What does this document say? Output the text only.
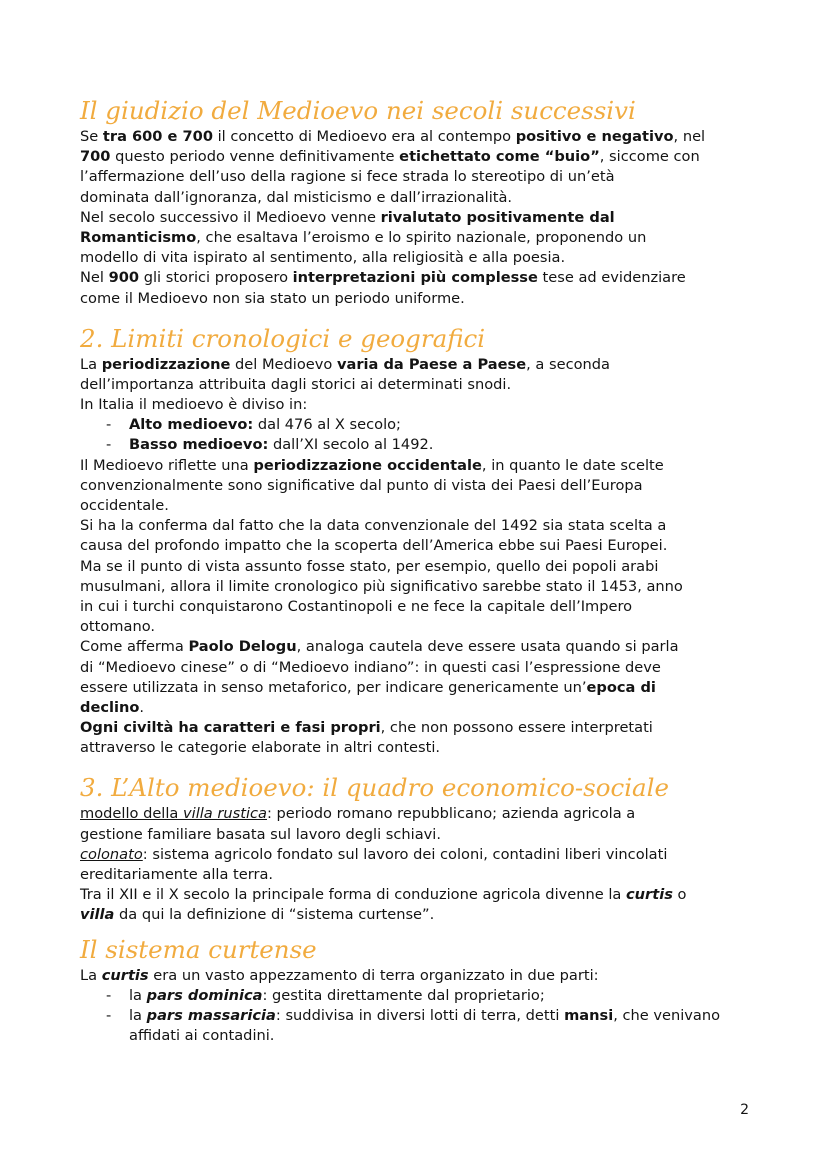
Il giudizio del Medioevo nei secoli successivi
Se tra 600 e 700 il concetto di Medioevo era al contempo positivo e negativo, nel
700 questo periodo venne definitivamente etichettato come “buio”, siccome con
l’affermazione dell’uso della ragione si fece strada lo stereotipo di un’età
dominata dall’ignoranza, dal misticismo e dall’irrazionalità.
Nel secolo successivo il Medioevo venne rivalutato positivamente dal
Romanticismo, che esaltava l’eroismo e lo spirito nazionale, proponendo un
modello di vita ispirato al sentimento, alla religiosità e alla poesia.
Nel 900 gli storici proposero interpretazioni più complesse tese ad evidenziare
come il Medioevo non sia stato un periodo uniforme.
2. Limiti cronologici e geografici
La periodizzazione del Medioevo varia da Paese a Paese, a seconda
dell’importanza attribuita dagli storici ai determinati snodi.
In Italia il medioevo è diviso in:
-	Alto medioevo: dal 476 al X secolo;
-	Basso medioevo: dall’XI secolo al 1492.
Il Medioevo riflette una periodizzazione occidentale, in quanto le date scelte
convenzionalmente sono significative dal punto di vista dei Paesi dell’Europa
occidentale.
Si ha la conferma dal fatto che la data convenzionale del 1492 sia stata scelta a
causa del profondo impatto che la scoperta dell’America ebbe sui Paesi Europei.
Ma se il punto di vista assunto fosse stato, per esempio, quello dei popoli arabi
musulmani, allora il limite cronologico più significativo sarebbe stato il 1453, anno
in cui i turchi conquistarono Costantinopoli e ne fece la capitale dell’Impero
ottomano.
Come afferma Paolo Delogu, analoga cautela deve essere usata quando si parla
di “Medioevo cinese” o di “Medioevo indiano”: in questi casi l’espressione deve
essere utilizzata in senso metaforico, per indicare genericamente un’epoca di
declino.
Ogni civiltà ha caratteri e fasi propri, che non possono essere interpretati
attraverso le categorie elaborate in altri contesti.
3. L’Alto medioevo: il quadro economico-sociale
modello della villa rustica: periodo romano repubblicano; azienda agricola a
gestione familiare basata sul lavoro degli schiavi.
colonato: sistema agricolo fondato sul lavoro dei coloni, contadini liberi vincolati
ereditariamente alla terra.
Tra il XII e il X secolo la principale forma di conduzione agricola divenne la curtis o
villa da qui la definizione di “sistema curtense”.
Il sistema curtense
La curtis era un vasto appezzamento di terra organizzato in due parti:
-	la pars dominica: gestita direttamente dal proprietario;
-	la pars massaricia: suddivisa in diversi lotti di terra, detti mansi, che venivano
affidati ai contadini.
2
